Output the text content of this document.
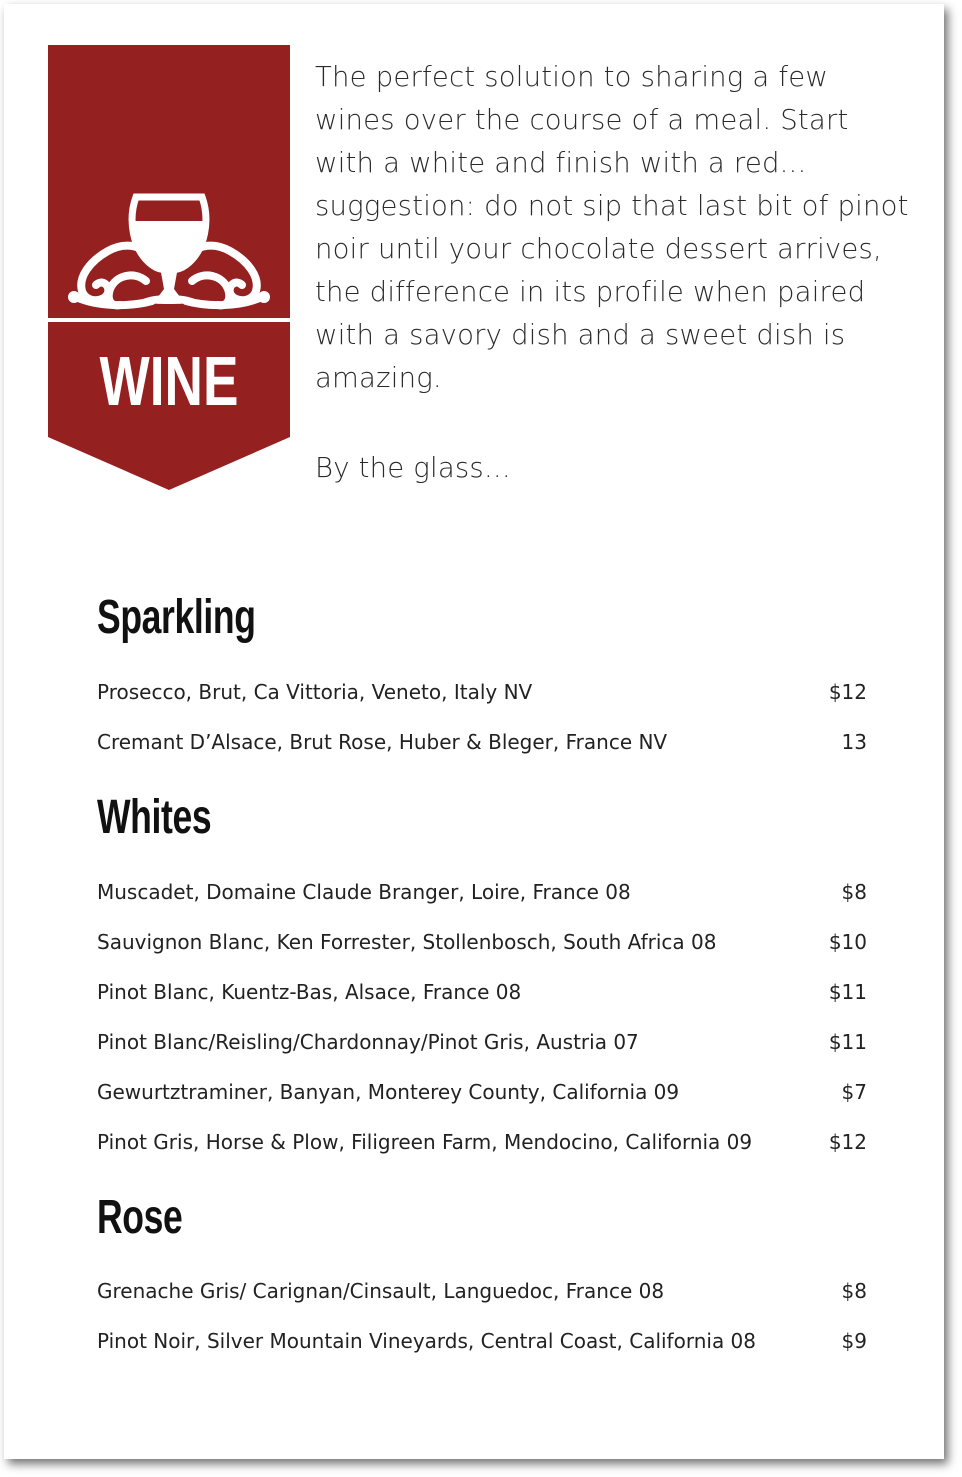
WINE

The perfect solution to sharing a few wines over the course of a meal. Start with a white and finish with a red... suggestion: do not sip that last bit of pinot noir until your chocolate dessert arrives, the difference in its profile when paired with a savory dish and a sweet dish is amazing.

By the glass...

Sparkling
Prosecco, Brut, Ca Vittoria, Veneto, Italy NV	$12
Cremant D’Alsace, Brut Rose, Huber & Bleger, France NV	13
Whites
Muscadet, Domaine Claude Branger, Loire, France 08	$8
Sauvignon Blanc, Ken Forrester, Stollenbosch, South Africa 08	$10
Pinot Blanc, Kuentz-Bas, Alsace, France 08	$11
Pinot Blanc/Reisling/Chardonnay/Pinot Gris, Austria 07	$11
Gewurtztraminer, Banyan, Monterey County, California 09	$7
Pinot Gris, Horse & Plow, Filigreen Farm, Mendocino, California 09	$12
Rose
Grenache Gris/ Carignan/Cinsault, Languedoc, France 08	$8
Pinot Noir, Silver Mountain Vineyards, Central Coast, California 08	$9
